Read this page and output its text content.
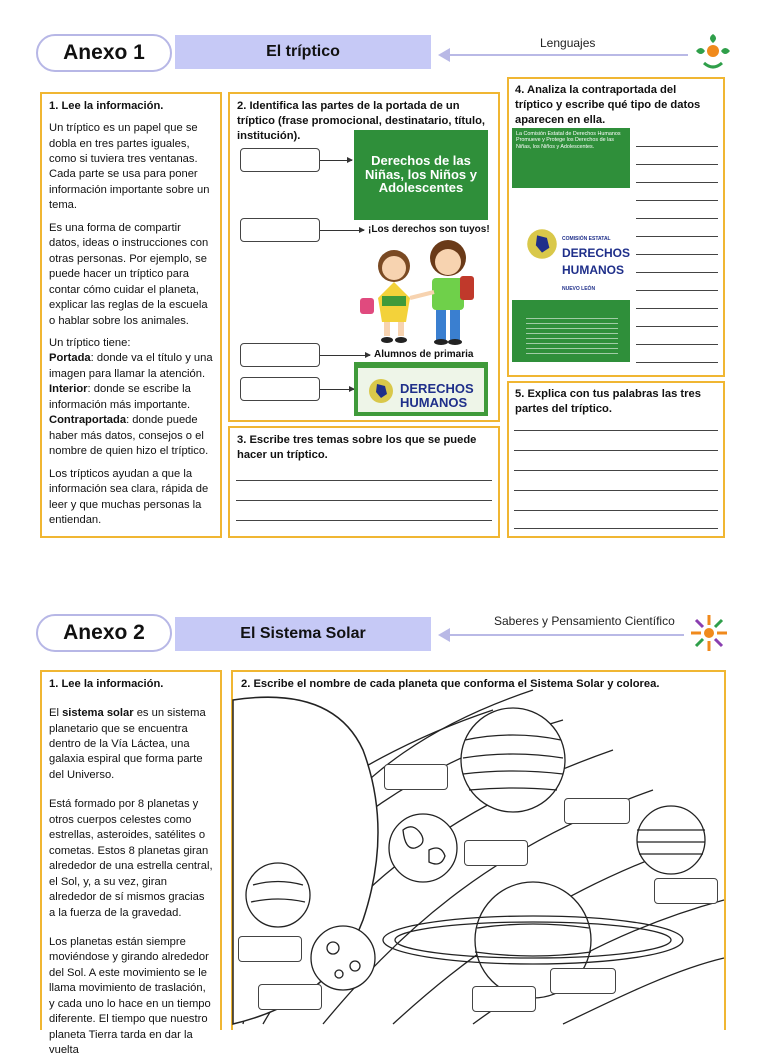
Anexo 1	El tríptico	Lenguajes

1. Lee la información.

Un tríptico es un papel que se dobla en tres partes iguales, como si tuviera tres ventanas. Cada parte se usa para poner información importante sobre un tema.

Es una forma de compartir datos, ideas o instrucciones con otras personas. Por ejemplo, se puede hacer un tríptico para contar cómo cuidar el planeta, explicar las reglas de la escuela o hablar sobre los animales.

Un tríptico tiene:
Portada: donde va el título y una imagen para llamar la atención.
Interior: donde se escribe la información más importante.
Contraportada: donde puede haber más datos, consejos o el nombre de quien hizo el tríptico.

Los trípticos ayudan a que la información sea clara, rápida de leer y que muchas personas la entiendan.

2. Identifica las partes de la portada de un tríptico (frase promocional, destinatario, título, institución).

Derechos de las Niñas, los Niños y Adolescentes
¡Los derechos son tuyos!
Alumnos de primaria
DERECHOS
HUMANOS

3. Escribe tres temas sobre los que se puede hacer un tríptico.

4. Analiza la contraportada del tríptico y escribe qué tipo de datos aparecen en ella.

La Comisión Estatal de Derechos Humanos Promueve y Protege los Derechos de las Niñas, los Niños y Adolescentes.
COMISIÓN ESTATAL
DERECHOS
HUMANOS
NUEVO LEÓN

5. Explica con tus palabras las tres partes del tríptico.

Anexo 2	El Sistema Solar
Saberes y Pensamiento Científico

1. Lee la información.

El sistema solar es un sistema planetario que se encuentra dentro de la Vía Láctea, una galaxia espiral que forma parte del Universo.

Está formado por 8 planetas y otros cuerpos celestes como estrellas, asteroides, satélites o cometas. Estos 8 planetas giran alrededor de una estrella central, el Sol, y, a su vez, giran alrededor de sí mismos gracias a la fuerza de la gravedad.

Los planetas están siempre moviéndose y girando alrededor del Sol. A este movimiento se le llama movimiento de traslación, y cada uno lo hace en un tiempo diferente. El tiempo que nuestro planeta Tierra tarda en dar la vuelta

2. Escribe el nombre de cada planeta que conforma el Sistema Solar y colorea.
